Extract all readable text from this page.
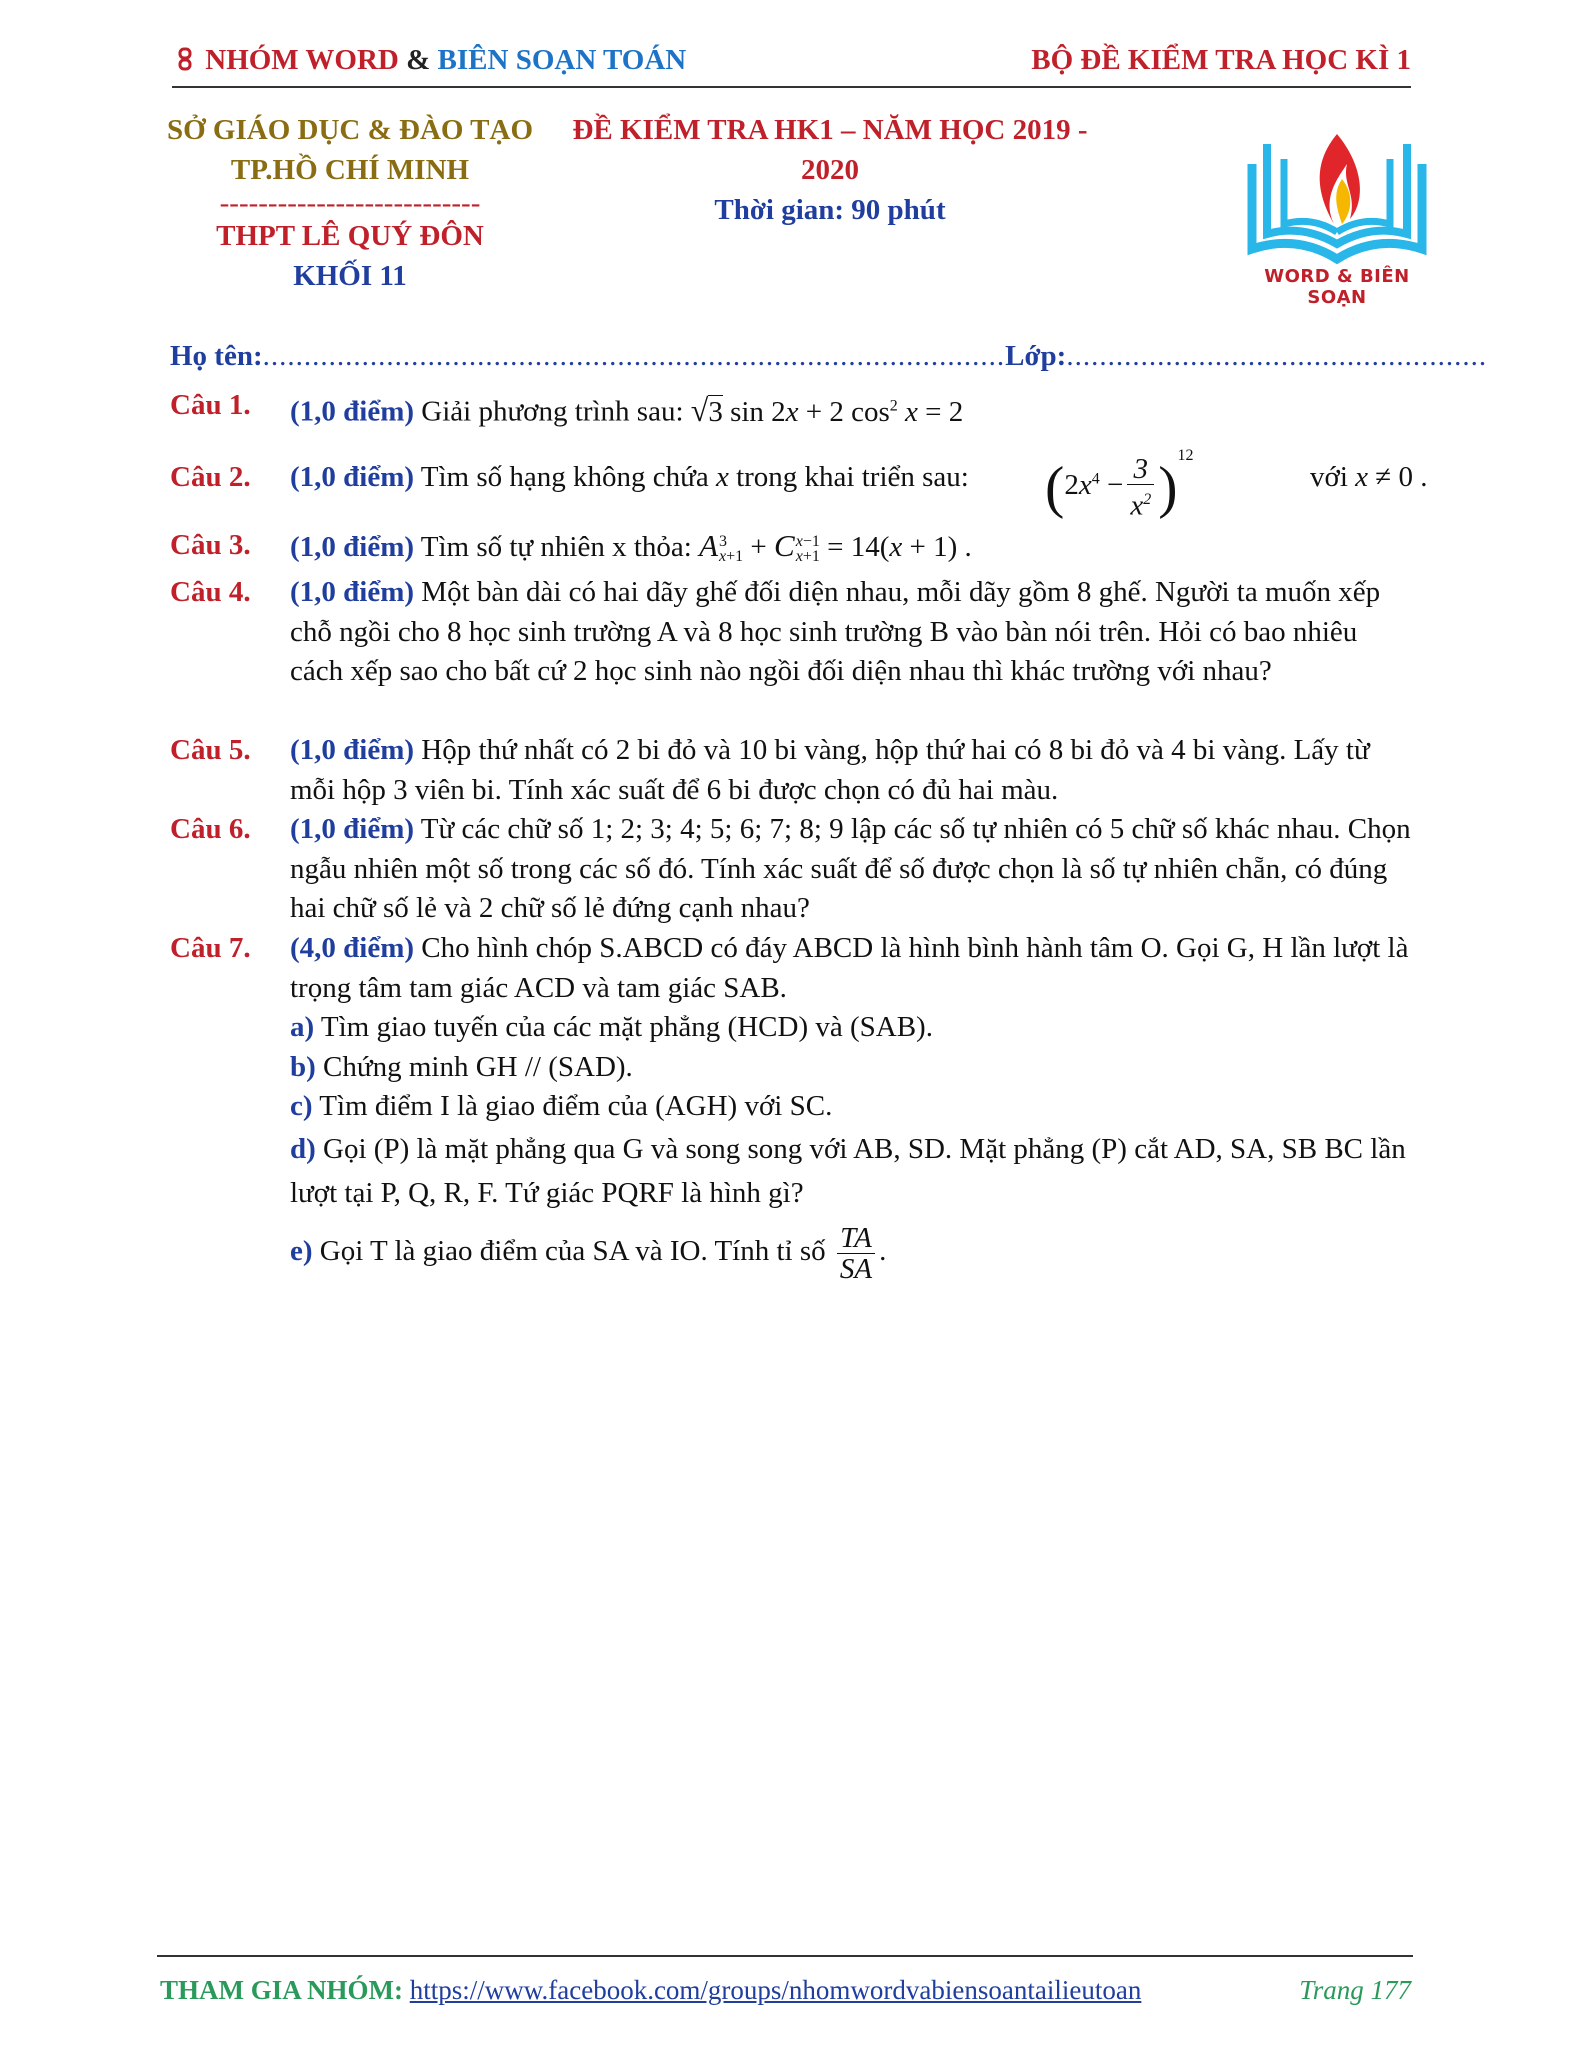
NHÓM WORD & BIÊN SOẠN TOÁN	BỘ ĐỀ KIỂM TRA HỌC KÌ 1
SỞ GIÁO DỤC & ĐÀO TẠO
TP.HỒ CHÍ MINH
---------------------------
THPT LÊ QUÝ ĐÔN
KHỐI 11
ĐỀ KIỂM TRA HK1 – NĂM HỌC 2019 - 2020
Thời gian: 90 phút
WORD & BIÊN SOẠN
Họ tên:..........................................................................................Lớp:...................................................
Câu 1. (1,0 điểm) Giải phương trình sau: √3 sin 2x + 2 $\cos^2 x = 2$
Câu 2. (1,0 điểm) Tìm số hạng không chứa x trong khai triển sau: $(2x^4 - \frac{3}{x^2} )^{12}$
với x ≠ 0 .
Câu 3. (1,0 điểm) Tìm số tự nhiên x thỏa: A 3
x+1 + C x−1
x+1 = 14(x + 1) .
Câu 4. (1,0 điểm) Một bàn dài có hai dãy ghế đối diện nhau, mỗi dãy gồm 8 ghế. Người ta muốn xếp chỗ ngồi cho 8 học sinh trường A và 8 học sinh trường B vào bàn nói trên. Hỏi có bao nhiêu cách xếp sao cho bất cứ 2 học sinh nào ngồi đối diện nhau thì khác trường với nhau?
Câu 5. (1,0 điểm) Hộp thứ nhất có 2 bi đỏ và 10 bi vàng, hộp thứ hai có 8 bi đỏ và 4 bi vàng. Lấy từ mỗi hộp 3 viên bi. Tính xác suất để 6 bi được chọn có đủ hai màu.
Câu 6. (1,0 điểm) Từ các chữ số 1; 2; 3; 4; 5; 6; 7; 8; 9 lập các số tự nhiên có 5 chữ số khác nhau. Chọn ngẫu nhiên một số trong các số đó. Tính xác suất để số được chọn là số tự nhiên chẵn, có đúng hai chữ số lẻ và 2 chữ số lẻ đứng cạnh nhau?
Câu 7. (4,0 điểm) Cho hình chóp S.ABCD có đáy ABCD là hình bình hành tâm O. Gọi G, H lần lượt là trọng tâm tam giác ACD và tam giác SAB.
a) Tìm giao tuyến của các mặt phẳng (HCD) và (SAB).
b) Chứng minh GH // (SAD).
c) Tìm điểm I là giao điểm của (AGH) với SC.
d) Gọi (P) là mặt phẳng qua G và song song với AB, SD. Mặt phẳng (P) cắt AD, SA, SB BC lần lượt tại P, Q, R, F. Tứ giác PQRF là hình gì?
e) Gọi T là giao điểm của SA và IO. Tính tỉ số $\frac{TA}{SA}$ .
THAM GIA NHÓM: https://www.facebook.com/groups/nhomwordvabiensoantailieutoan	Trang 177
